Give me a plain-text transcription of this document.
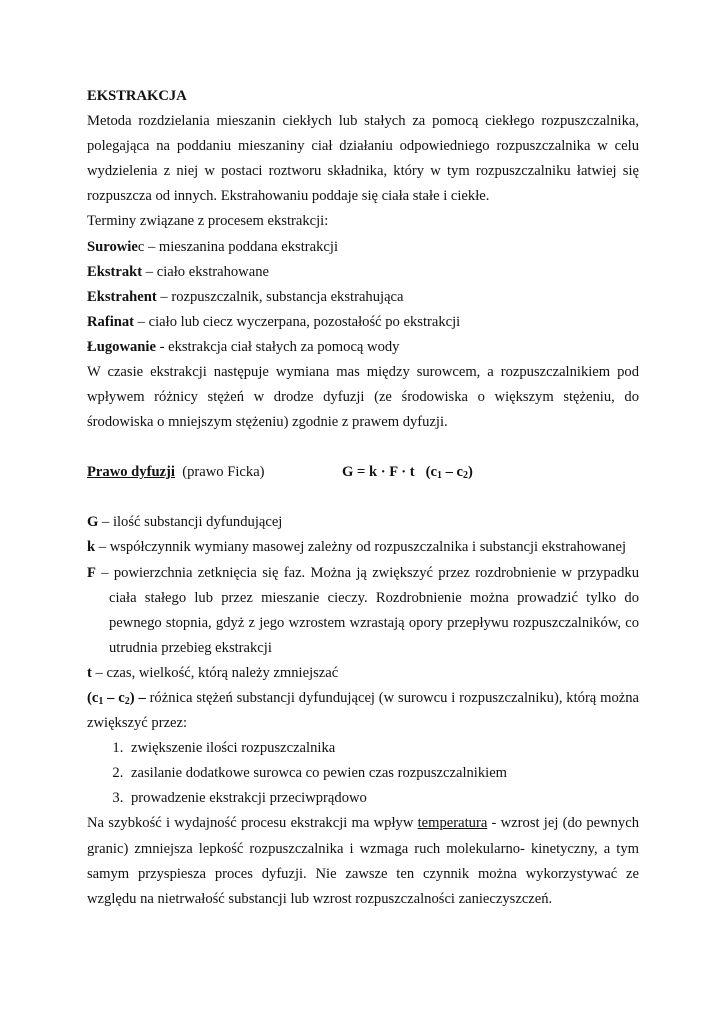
EKSTRAKCJA

Metoda rozdzielania mieszanin ciekłych lub stałych za pomocą ciekłego rozpuszczalnika, polegająca na poddaniu mieszaniny ciał działaniu odpowiedniego rozpuszczalnika w celu wydzielenia z niej w postaci roztworu składnika, który w tym rozpuszczalniku łatwiej się rozpuszcza od innych. Ekstrahowaniu poddaje się ciała stałe i ciekłe.

Terminy związane z procesem ekstrakcji:

Surowiec – mieszanina poddana ekstrakcji

Ekstrakt – ciało ekstrahowane

Ekstrahent – rozpuszczalnik, substancja ekstrahująca

Rafinat – ciało lub ciecz wyczerpana, pozostałość po ekstrakcji

Ługowanie - ekstrakcja ciał stałych za pomocą wody

W czasie ekstrakcji następuje wymiana mas między surowcem, a rozpuszczalnikiem pod wpływem różnicy stężeń w drodze dyfuzji (ze środowiska o większym stężeniu, do środowiska o mniejszym stężeniu) zgodnie z prawem dyfuzji.

Prawo dyfuzji  (prawo Ficka)	G = k · F · t   $(c_1 - c_2)$

G – ilość substancji dyfundującej

k – współczynnik wymiany masowej zależny od rozpuszczalnika i substancji ekstrahowanej

F – powierzchnia zetknięcia się faz. Można ją zwiększyć przez rozdrobnienie w przypadku ciała stałego lub przez mieszanie cieczy. Rozdrobnienie można prowadzić tylko do pewnego stopnia, gdyż z jego wzrostem wzrastają opory przepływu rozpuszczalników, co utrudnia przebieg ekstrakcji

t – czas, wielkość, którą należy zmniejszać

$(c_1 - c_2)$ – różnica stężeń substancji dyfundującej (w surowcu i rozpuszczalniku), którą można zwiększyć przez:

1. zwiększenie ilości rozpuszczalnika
2. zasilanie dodatkowe surowca co pewien czas rozpuszczalnikiem
3. prowadzenie ekstrakcji przeciwprądowo

Na szybkość i wydajność procesu ekstrakcji ma wpływ temperatura - wzrost jej (do pewnych granic) zmniejsza lepkość rozpuszczalnika i wzmaga ruch molekularno- kinetyczny, a tym samym przyspiesza proces dyfuzji. Nie zawsze ten czynnik można wykorzystywać ze względu na nietrwałość substancji lub wzrost rozpuszczalności zanieczyszczeń.
